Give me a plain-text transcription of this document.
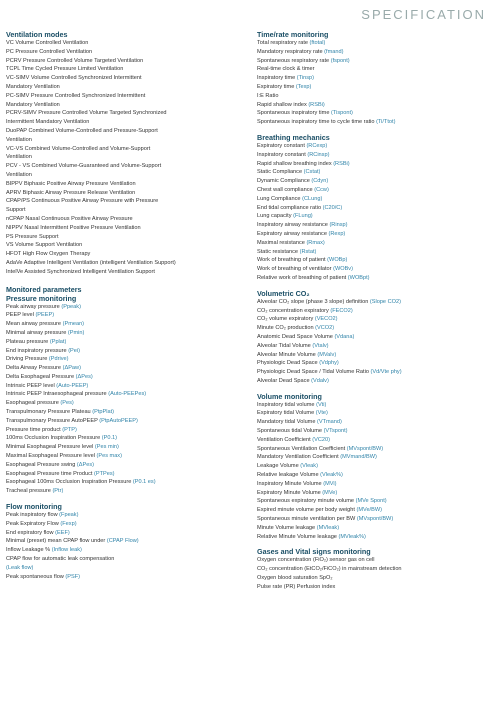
SPECIFICATION
Ventilation modes
VC Volume Controlled Ventilation
PC Pressure Controlled Ventilation
PCRV Pressure Controlled Volume Targeted Ventilation
TCPL Time Cycled Pressure Limited Ventilation
VC-SIMV Volume Controlled Synchronized Intermittent
Mandatory Ventilation
PC-SIMV Pressure Controlled Synchronized Intermittent
Mandatory Ventilation
PCRV-SIMV Pressure Controlled Volume Targeted Synchronized
Intermittent Mandatory Ventilation
DuoPAP Combined Volume-Controlled and Pressure-Support
Ventilation
VC-VS Combined Volume-Controlled and Volume-Support
Ventilation
PCV - VS Combined Volume-Guaranteed and Volume-Support
Ventilation
BIPPV Biphasic Positive Airway Pressure Ventilation
APRV Biphasic Airway Pressure Release Ventilation
CPAP/PS Continuous Positive Airway Pressure with Pressure
Support
nCPAP Nasal Continuous Positive Airway Pressure
NIPPV Nasal Intermittent Positive Pressure Ventilation
PS Pressure Support
VS Volume Support Ventilation
HFOT High Flow Oxygen Therapy
AdaVe Adaptive Intelligent Ventilation (intelligent Ventilation Support)
IntelVe Assisted Synchronized Intelligent Ventilation Support
Monitored parameters
Pressure monitoring
Peak airway pressure (Ppeak)
PEEP level (PEEP)
Mean airway pressure (Pmean)
Minimal airway pressure (Pmin)
Plateau pressure (Pplat)
End inspiratory pressure (Pei)
Driving Pressure (Pdrive)
Delta Airway Pressure (ΔPaw)
Delta Esophageal Pressure (ΔPes)
Intrinsic PEEP level (Auto-PEEP)
Intrinsic PEEP Intraesophageal pressure (Auto-PEEPes)
Esophageal pressure (Pes)
Transpulmonary Pressure Plateau (PtpPlat)
Transpulmonary Pressure AutoPEEP (PtpAutoPEEP)
Pressure time product (PTP)
100ms Occlusion Inspiration Pressure (P0.1)
Minimal Esophageal Pressure level (Pes min)
Maximal Esophageal Pressure level (Pes max)
Esophageal Pressure swing (ΔPes)
Esophageal Pressure time Product (PTPes)
Esophageal 100ms Occlusion Inspiration Pressure (P0.1 es)
Tracheal pressure (Ptr)
Flow monitoring
Peak inspiratory flow (Fpeak)
Peak Expiratory Flow (Fexp)
End expiratory flow (EEF)
Minimal (preset) mean CPAP flow under (CPAP Flow)
Inflow Leakage % (Inflow leak)
CPAP flow for automatic leak compensation
(Leak flow)
Peak spontaneous flow (PSF)
Time/rate monitoring
Total respiratory rate (ftotal)
Mandatory respiratory rate (fmand)
Spontaneous respiratory rate (fspont)
Real-time clock & timer
Inspiratory time (Tinsp)
Expiratory time (Texp)
I:E Ratio
Rapid shallow index (RSBi)
Spontaneous inspiratory time (Tispont)
Spontaneous inspiratory time to cycle time ratio (Ti/Ttot)
Breathing mechanics
Expiratory constant (RCexp)
Inspiratory constant (RCinsp)
Rapid shallow breathing index (RSBi)
Static Compliance (Cstat)
Dynamic Compliance (Cdyn)
Chest wall compliance (Ccw)
Lung Compliance (CLung)
End tidal compliance ratio (C20/C)
Lung capacity (FLung)
Inspiratory airway resistance (Rinsp)
Expiratory airway resistance (Rexp)
Maximal resistance (Rmax)
Static resistance (Rstat)
Work of breathing of patient (WOBp)
Work of breathing of ventilator (WOBv)
Relative work of breathing of patient (WOBpt)
Volumetric CO₂
Alveolar CO₂ slope (phase 3 slope) definition (Slope CO2)
CO₂ concentration expiratory (FECO2)
CO₂ volume expiratory (VECO2)
Minute CO₂ production (VCO2)
Anatomic Dead Space Volume (Vdana)
Alveolar Tidal Volume (Vtalv)
Alveolar Minute Volume (MValv)
Physiologic Dead Space (Vdphy)
Physiologic Dead Space / Tidal Volume Ratio (Vd/Vte phy)
Alveolar Dead Space (Vdalv)
Volume monitoring
Inspiratory tidal volume (Vti)
Expiratory tidal Volume (Vte)
Mandatory tidal Volume (VTmand)
Spontaneous tidal Volume (VTspont)
Ventilation Coefficient (VC20)
Spontaneous Ventilation Coefficient (MVspont/BW)
Mandatory Ventilation Coefficient (MVmand/BW)
Leakage Volume (Vleak)
Relative leakage Volume (Vleak%)
Inspiratory Minute Volume (MVi)
Expiratory Minute Volume (MVe)
Spontaneous expiratory minute volume (MVe Spont)
Expired minute volume per body weight (MVe/BW)
Spontaneous minute ventilation per BW (MVspont/BW)
Minute Volume leakage (MVleak)
Relative Minute Volume leakage (MVleak%)
Gases and Vital signs monitoring
Oxygen concentration (FiO₂) sensor gas on cell
CO₂ concentration (EtCO₂/FiCO₂) in mainstream detection
Oxygen blood saturation SpO₂
Pulse rate (PR) Perfusion index
